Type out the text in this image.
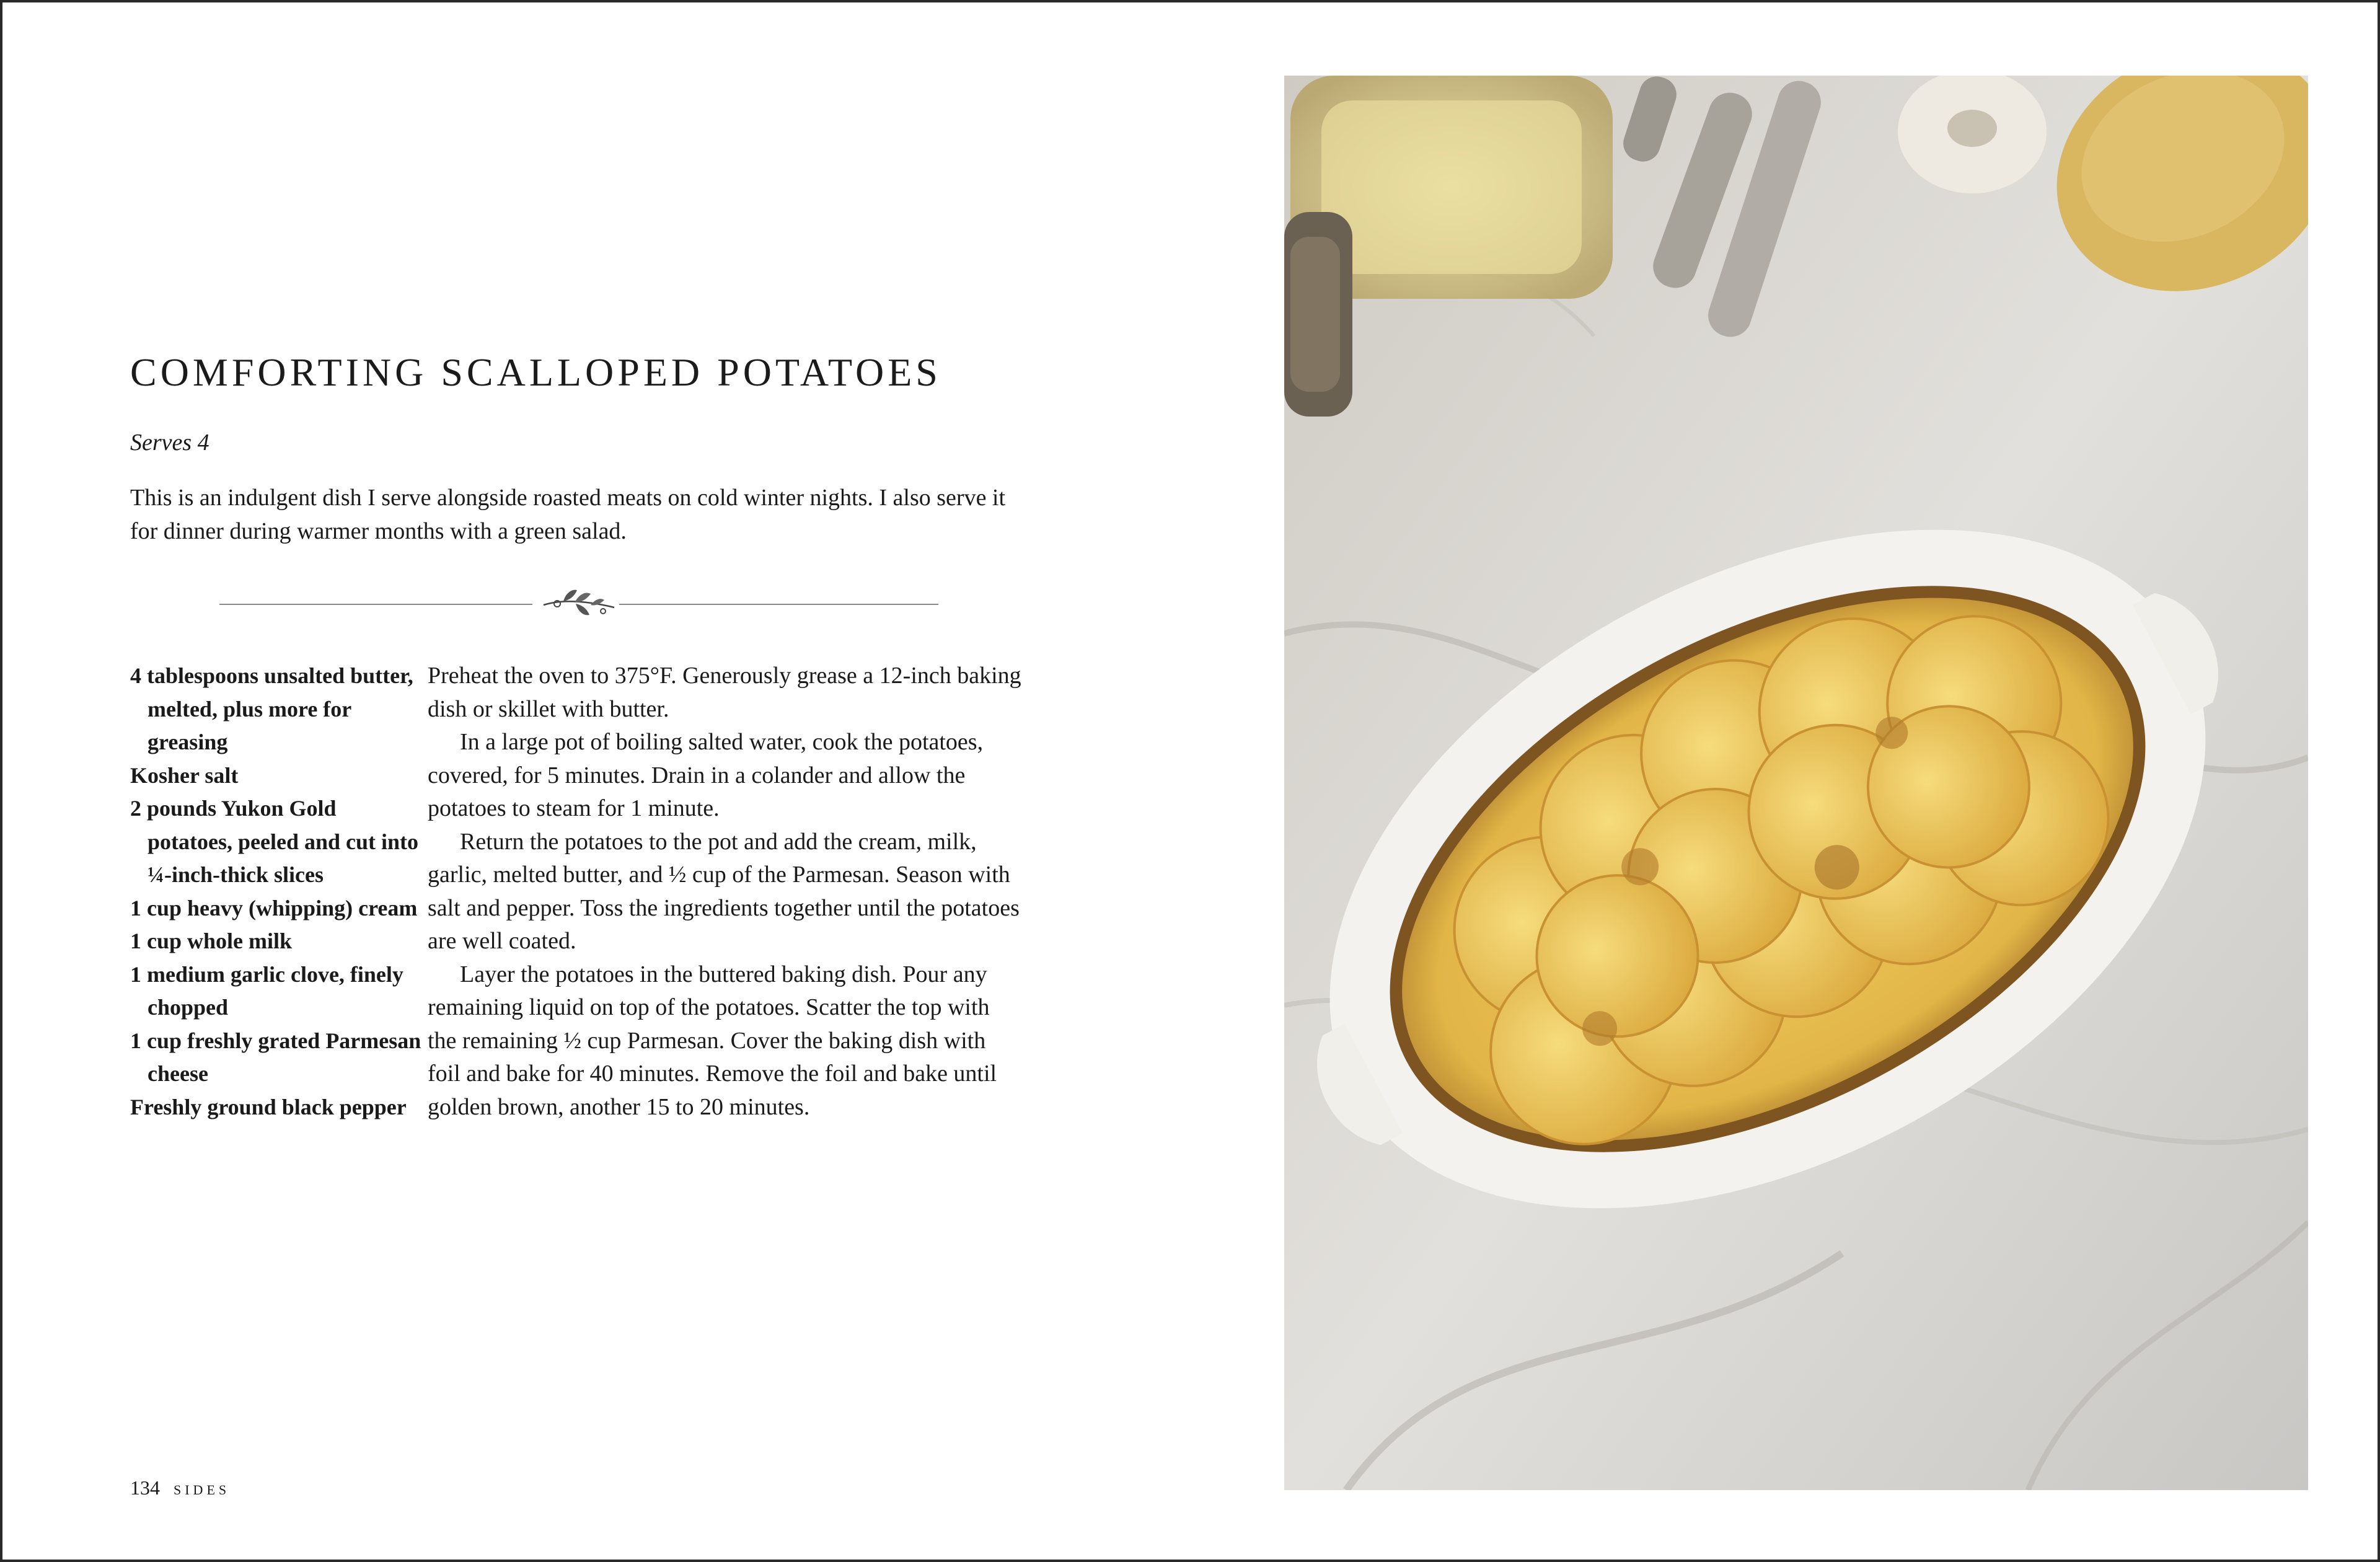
COMFORTING SCALLOPED POTATOES
Serves 4
This is an indulgent dish I serve alongside roasted meats on cold winter nights. I also serve it for dinner during warmer months with a green salad.
4 tablespoons unsalted butter, melted, plus more for greasing
Kosher salt
2 pounds Yukon Gold potatoes, peeled and cut into ¼-inch-thick slices
1 cup heavy (whipping) cream
1 cup whole milk
1 medium garlic clove, finely chopped
1 cup freshly grated Parmesan cheese
Freshly ground black pepper

Preheat the oven to 375°F. Generously grease a 12-inch baking dish or skillet with butter.

In a large pot of boiling salted water, cook the potatoes, covered, for 5 minutes. Drain in a colander and allow the potatoes to steam for 1 minute.

Return the potatoes to the pot and add the cream, milk, garlic, melted butter, and ½ cup of the Parmesan. Season with salt and pepper. Toss the ingredients together until the potatoes are well coated.

Layer the potatoes in the buttered baking dish. Pour any remaining liquid on top of the potatoes. Scatter the top with the remaining ½ cup Parmesan. Cover the baking dish with foil and bake for 40 minutes. Remove the foil and bake until golden brown, another 15 to 20 minutes.

134 SIDES
